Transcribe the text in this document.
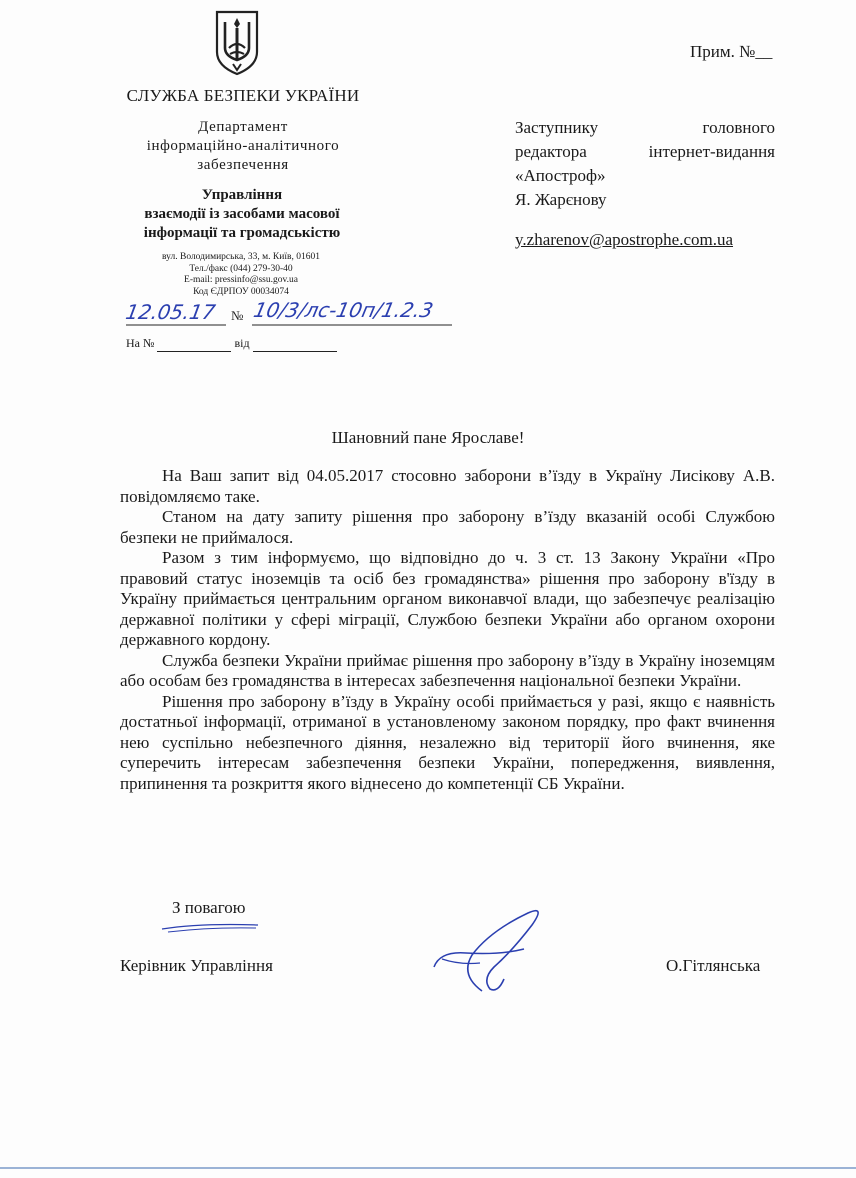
Прим. №__
СЛУЖБА БЕЗПЕКИ УКРАЇНИ
Департамент
інформаційно-аналітичного
забезпечення
Управління
взаємодії із засобами масової
інформації та громадськістю
вул. Володимирська, 33, м. Київ, 01601
Тел./факс (044) 279-30-40
E-mail: pressinfo@ssu.gov.ua
Код ЄДРПОУ 00034074
12.05.17 № 10/3/лс-10п/1.2.3
На №	від
Заступнику	головного
редактора	інтернет-видання
«Апостроф»
Я. Жарєнову
y.zharenov@apostrophe.com.ua
Шановний пане Ярославе!

На Ваш запит від 04.05.2017 стосовно заборони в’їзду в Україну Лисікову А.В. повідомляємо таке.

Станом на дату запиту рішення про заборону в’їзду вказаній особі Службою безпеки не приймалося.

Разом з тим інформуємо, що відповідно до ч. 3 ст. 13 Закону України «Про правовий статус іноземців та осіб без громадянства» рішення про заборону в'їзду в Україну приймається центральним органом виконавчої влади, що забезпечує реалізацію державної політики у сфері міграції, Службою безпеки України або органом охорони державного кордону.

Служба безпеки України приймає рішення про заборону в’їзду в Україну іноземцям або особам без громадянства в інтересах забезпечення національної безпеки України.

Рішення про заборону в’їзду в Україну особі приймається у разі, якщо є наявність достатньої інформації, отриманої в установленому законом порядку, про факт вчинення нею суспільно небезпечного діяння, незалежно від території його вчинення, яке суперечить інтересам забезпечення безпеки України, попередження, виявлення, припинення та розкриття якого віднесено до компетенції СБ України.

З повагою
Керівник Управління	О.Гітлянська
